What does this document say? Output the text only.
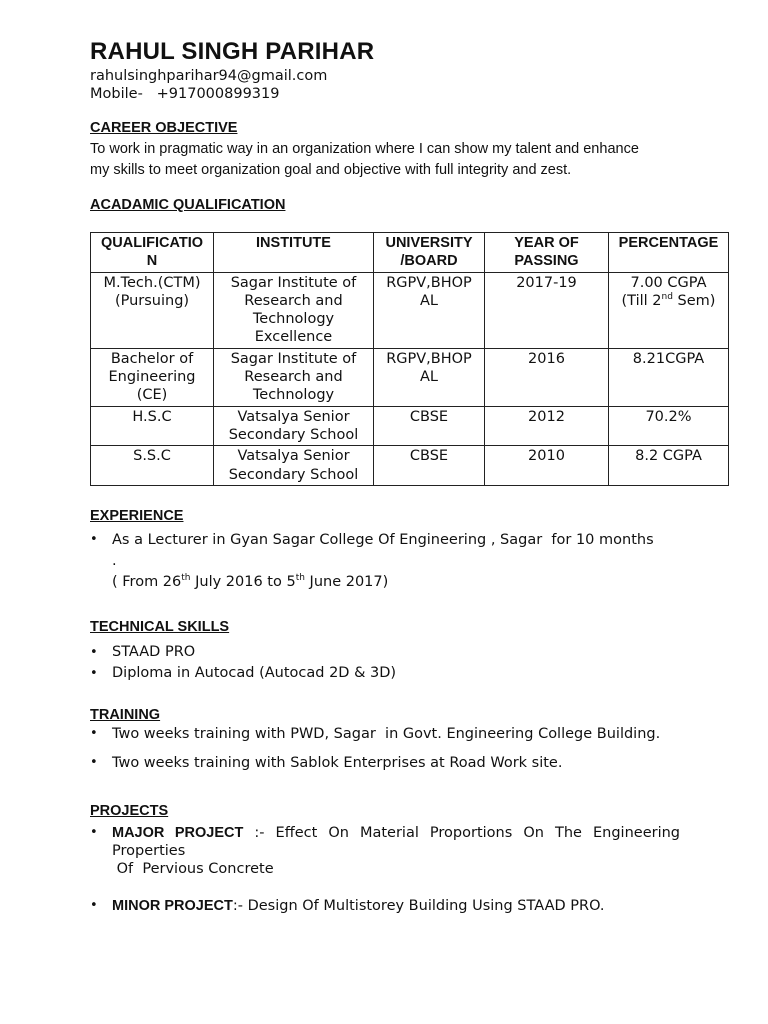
RAHUL SINGH PARIHAR
rahulsinghparihar94@gmail.com
Mobile-   +917000899319
CAREER OBJECTIVE
To work in pragmatic way in an organization where I can show my talent and enhance
my skills to meet organization goal and objective with full integrity and zest.
ACADAMIC QUALIFICATION
QUALIFICATIO N	INSTITUTE	UNIVERSITY /BOARD	YEAR OF PASSING	PERCENTAGE
M.Tech.(CTM) (Pursuing)	Sagar Institute of Research and Technology Excellence	RGPV,BHOP AL	2017-19	7.00 CGPA
(Till 2nd Sem)

Bachelor of Engineering (CE)	Sagar Institute of Research and Technology	RGPV,BHOP AL	2016	8.21CGPA
H.S.C	Vatsalya Senior Secondary School	CBSE	2012	70.2%
S.S.C	Vatsalya Senior Secondary School	CBSE	2010	8.2 CGPA
EXPERIENCE
• As a Lecturer in Gyan Sagar College Of Engineering , Sagar  for 10 months
.
( From 26th July 2016 to 5th June 2017)
TECHNICAL SKILLS
• STAAD PRO
• Diploma in Autocad (Autocad 2D & 3D)
TRAINING
• Two weeks training with PWD, Sagar  in Govt. Engineering College Building.
• Two weeks training with Sablok Enterprises at Road Work site.
PROJECTS
• MAJOR PROJECT :- Effect On Material Proportions On The Engineering Properties
Of  Pervious Concrete
• MINOR PROJECT:- Design Of Multistorey Building Using STAAD PRO.
